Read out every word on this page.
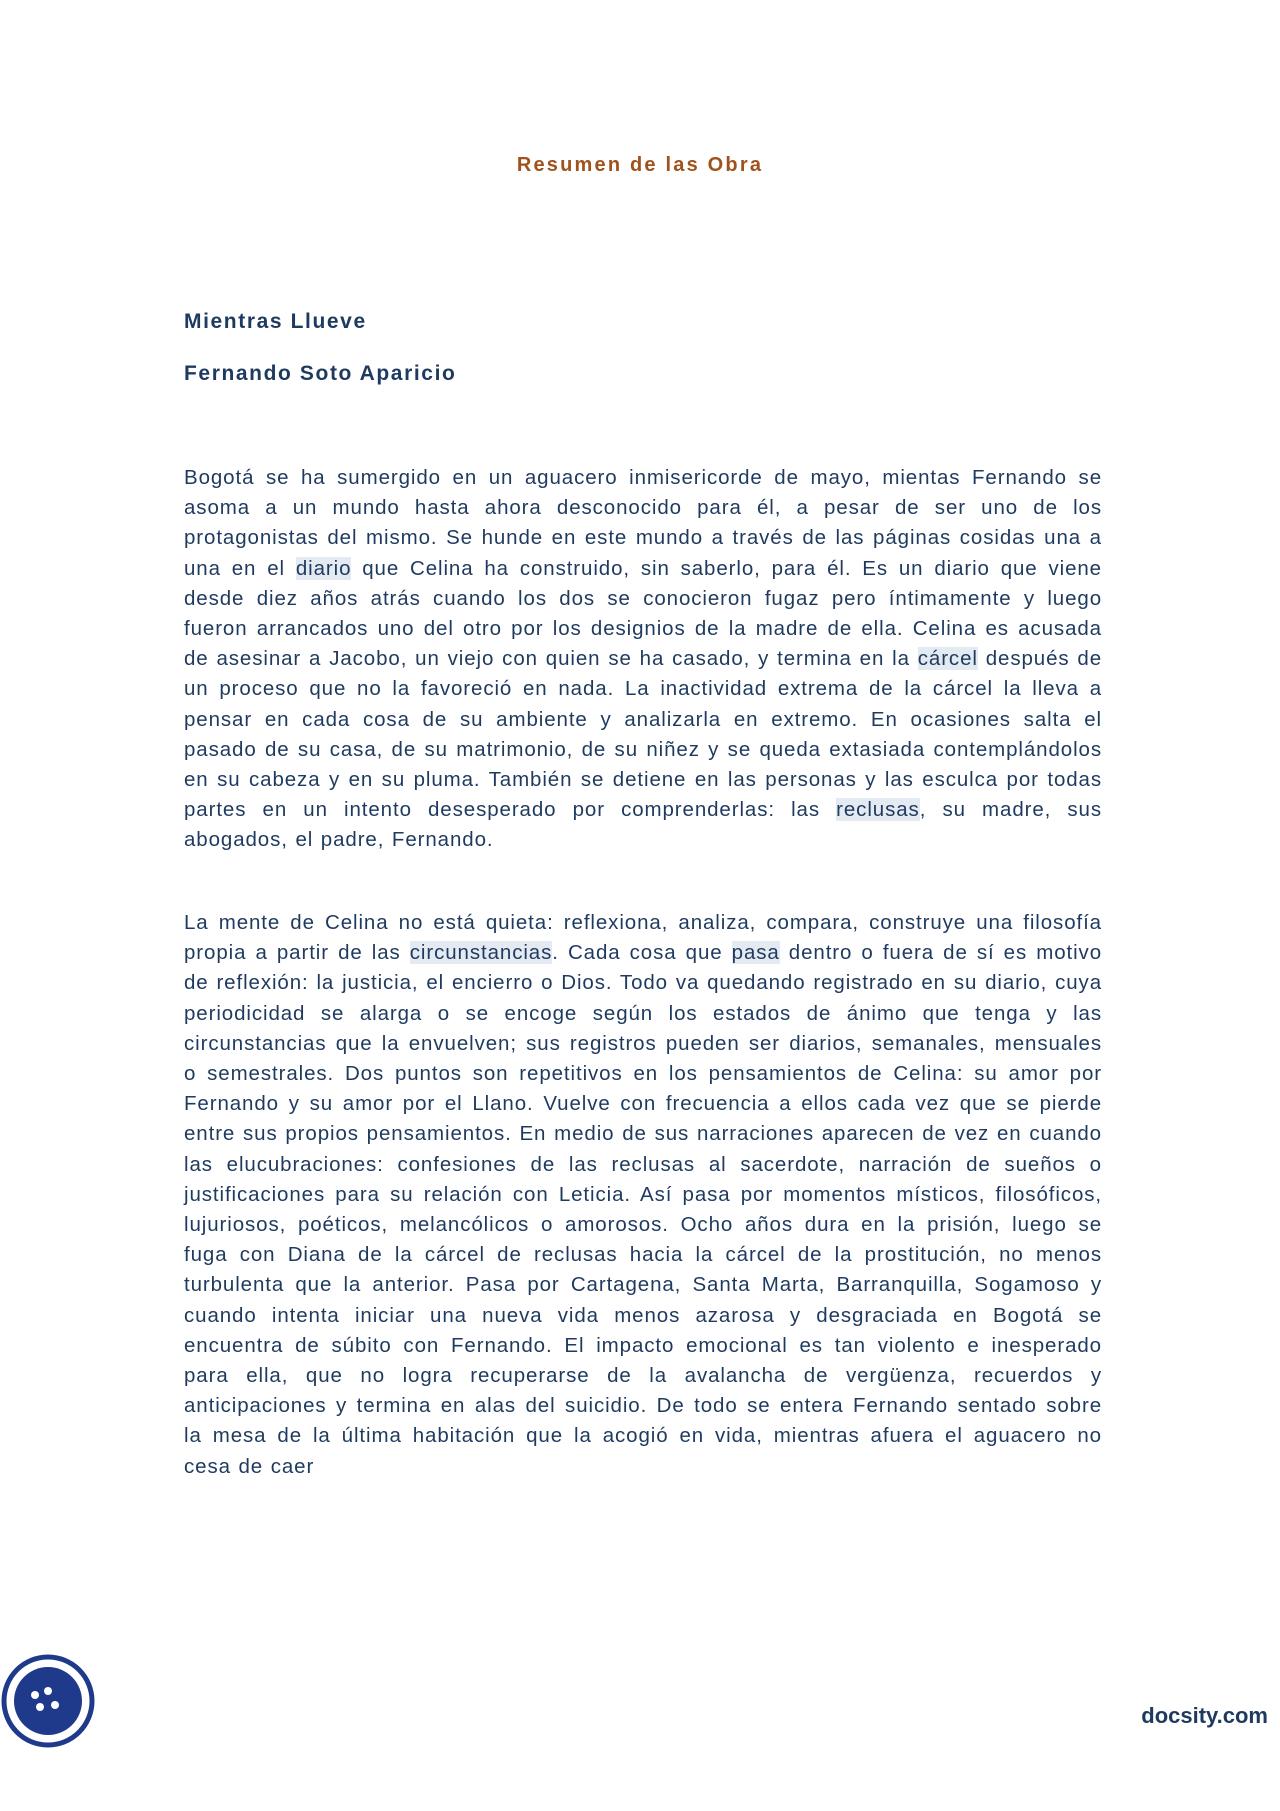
Resumen de las Obra
Mientras Llueve
Fernando Soto Aparicio
Bogotá se ha sumergido en un aguacero inmisericorde de mayo, mientas Fernando se asoma a un mundo hasta ahora desconocido para él, a pesar de ser uno de los protagonistas del mismo. Se hunde en este mundo a través de las páginas cosidas una a una en el diario que Celina ha construido, sin saberlo, para él. Es un diario que viene desde diez años atrás cuando los dos se conocieron fugaz pero íntimamente y luego fueron arrancados uno del otro por los designios de la madre de ella. Celina es acusada de asesinar a Jacobo, un viejo con quien se ha casado, y termina en la cárcel después de un proceso que no la favoreció en nada. La inactividad extrema de la cárcel la lleva a pensar en cada cosa de su ambiente y analizarla en extremo. En ocasiones salta el pasado de su casa, de su matrimonio, de su niñez y se queda extasiada contemplándolos en su cabeza y en su pluma. También se detiene en las personas y las esculca por todas partes en un intento desesperado por comprenderlas: las reclusas, su madre, sus abogados, el padre, Fernando.
La mente de Celina no está quieta: reflexiona, analiza, compara, construye una filosofía propia a partir de las circunstancias. Cada cosa que pasa dentro o fuera de sí es motivo de reflexión: la justicia, el encierro o Dios. Todo va quedando registrado en su diario, cuya periodicidad se alarga o se encoge según los estados de ánimo que tenga y las circunstancias que la envuelven; sus registros pueden ser diarios, semanales, mensuales o semestrales. Dos puntos son repetitivos en los pensamientos de Celina: su amor por Fernando y su amor por el Llano. Vuelve con frecuencia a ellos cada vez que se pierde entre sus propios pensamientos. En medio de sus narraciones aparecen de vez en cuando las elucubraciones: confesiones de las reclusas al sacerdote, narración de sueños o justificaciones para su relación con Leticia. Así pasa por momentos místicos, filosóficos, lujuriosos, poéticos, melancólicos o amorosos. Ocho años dura en la prisión, luego se fuga con Diana de la cárcel de reclusas hacia la cárcel de la prostitución, no menos turbulenta que la anterior. Pasa por Cartagena, Santa Marta, Barranquilla, Sogamoso y cuando intenta iniciar una nueva vida menos azarosa y desgraciada en Bogotá se encuentra de súbito con Fernando. El impacto emocional es tan violento e inesperado para ella, que no logra recuperarse de la avalancha de vergüenza, recuerdos y anticipaciones y termina en alas del suicidio. De todo se entera Fernando sentado sobre la mesa de la última habitación que la acogió en vida, mientras afuera el aguacero no cesa de caer
docsity.com
